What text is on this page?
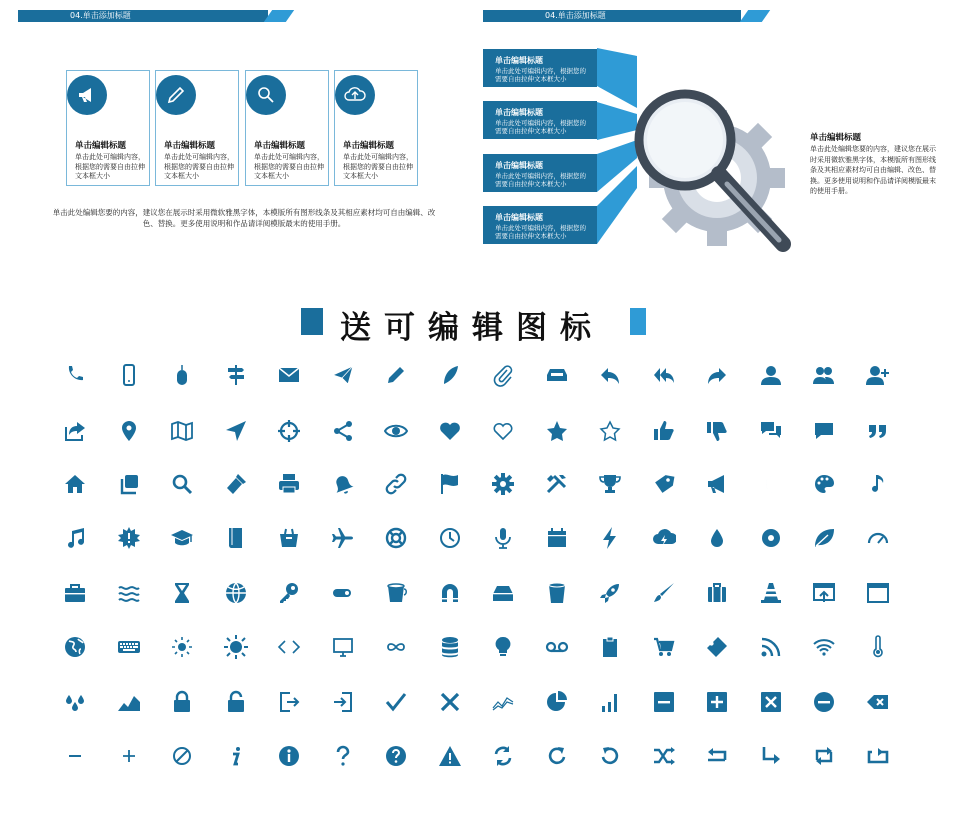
04.单击添加标题
单击编辑标题
单击此处可编辑内容，根据您的需要自由拉伸文本框大小
单击编辑标题
单击此处可编辑内容，根据您的需要自由拉伸文本框大小
单击编辑标题
单击此处可编辑内容，根据您的需要自由拉伸文本框大小
单击编辑标题
单击此处可编辑内容，根据您的需要自由拉伸文本框大小
单击此处编辑您要的内容，建议您在展示时采用微软雅黑字体，本模版所有图形线条及其相应素材均可自由编辑、改色、替换。更多使用说明和作品请详阅模版最末的使用手册。
04.单击添加标题
单击编辑标题
单击此处可编辑内容，根据您的需要自由拉伸文本框大小
单击编辑标题
单击此处可编辑内容，根据您的需要自由拉伸文本框大小
单击编辑标题
单击此处可编辑内容，根据您的需要自由拉伸文本框大小
单击编辑标题
单击此处可编辑内容，根据您的需要自由拉伸文本框大小
单击编辑标题
单击此处编辑您要的内容，建议您在展示时采用微软雅黑字体，本模版所有图形线条及其相应素材均可自由编辑、改色、替换。更多使用说明和作品请详阅模版最末的使用手册。
送可编辑图标
